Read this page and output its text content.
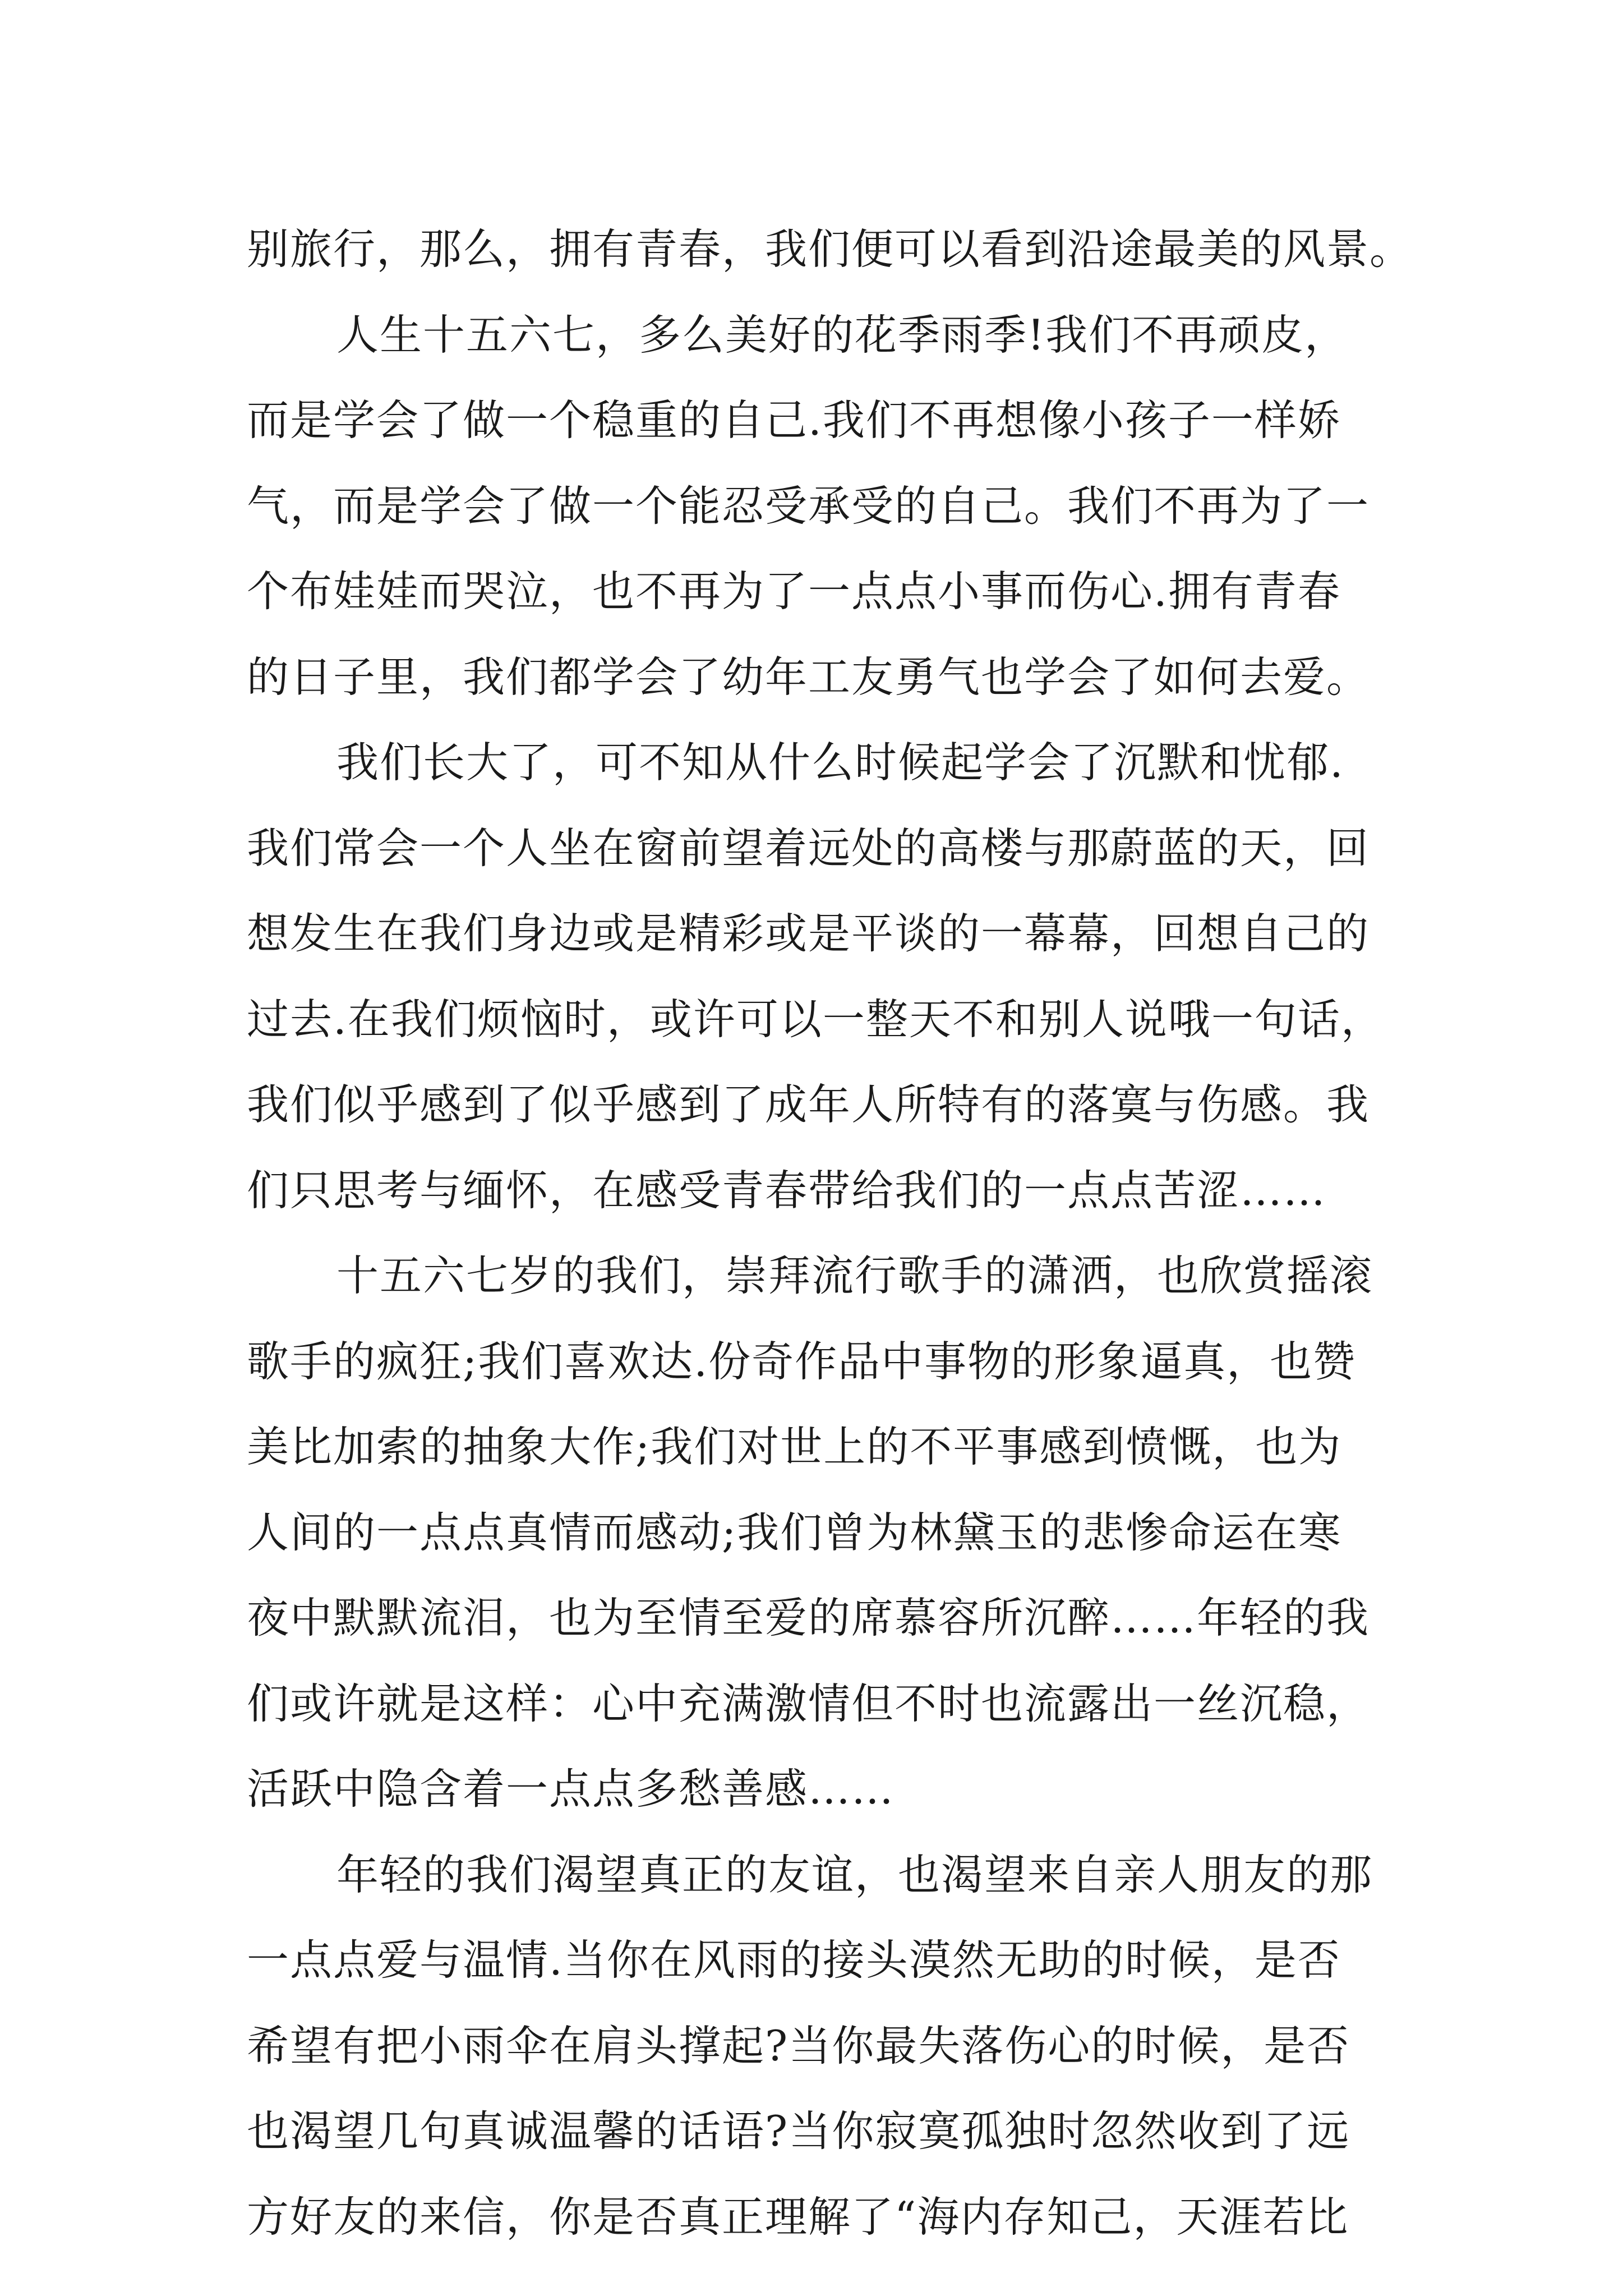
别旅行，那么，拥有青春，我们便可以看到沿途最美的风景。
人生十五六七，多么美好的花季雨季!我们不再顽皮，
而是学会了做一个稳重的自己.我们不再想像小孩子一样娇
气，而是学会了做一个能忍受承受的自己。我们不再为了一
个布娃娃而哭泣，也不再为了一点点小事而伤心.拥有青春
的日子里，我们都学会了幼年工友勇气也学会了如何去爱。
我们长大了，可不知从什么时候起学会了沉默和忧郁.
我们常会一个人坐在窗前望着远处的高楼与那蔚蓝的天，回
想发生在我们身边或是精彩或是平谈的一幕幕，回想自己的
过去.在我们烦恼时，或许可以一整天不和别人说哦一句话，
我们似乎感到了似乎感到了成年人所特有的落寞与伤感。我
们只思考与缅怀，在感受青春带给我们的一点点苦涩……
十五六七岁的我们，崇拜流行歌手的潇洒，也欣赏摇滚
歌手的疯狂;我们喜欢达.份奇作品中事物的形象逼真，也赞
美比加索的抽象大作;我们对世上的不平事感到愤慨，也为
人间的一点点真情而感动;我们曾为林黛玉的悲惨命运在寒
夜中默默流泪，也为至情至爱的席慕容所沉醉……年轻的我
们或许就是这样：心中充满激情但不时也流露出一丝沉稳，
活跃中隐含着一点点多愁善感……
年轻的我们渴望真正的友谊，也渴望来自亲人朋友的那
一点点爱与温情.当你在风雨的接头漠然无助的时候，是否
希望有把小雨伞在肩头撑起?当你最失落伤心的时候，是否
也渴望几句真诚温馨的话语?当你寂寞孤独时忽然收到了远
方好友的来信，你是否真正理解了“海内存知己，天涯若比
